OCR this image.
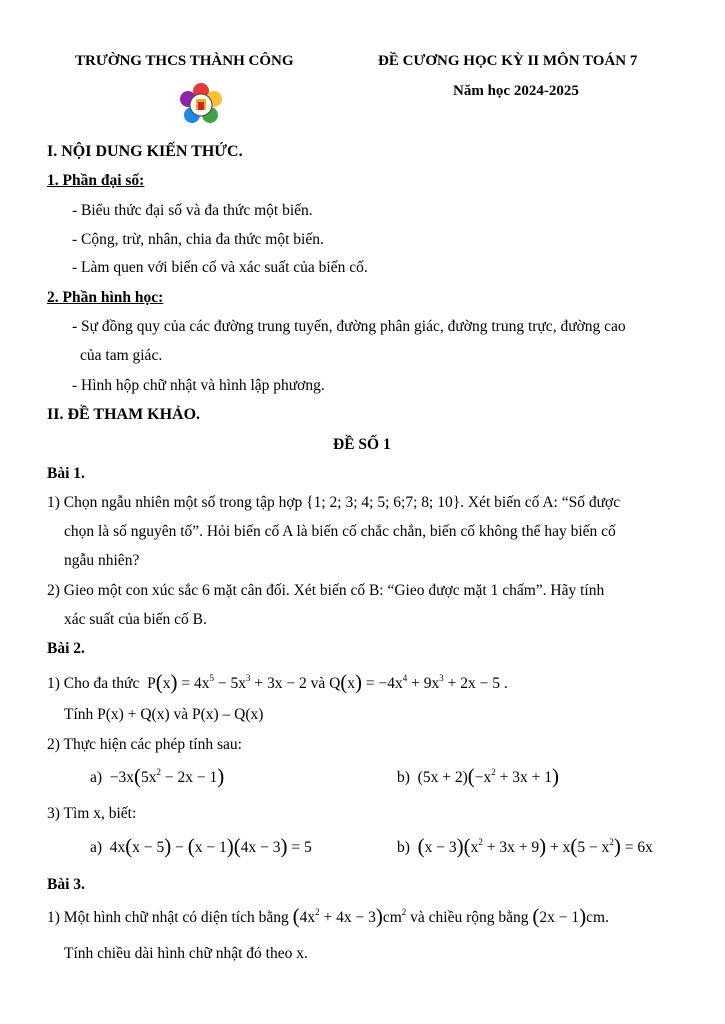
TRƯỜNG THCS THÀNH CÔNG	ĐỀ CƯƠNG HỌC KỲ II MÔN TOÁN 7
Năm học 2024-2025
I. NỘI DUNG KIẾN THỨC.
1. Phần đại số:
- Biểu thức đại số và đa thức một biến.
- Cộng, trừ, nhân, chia đa thức một biến.
- Làm quen với biến cố và xác suất của biến cố.
2. Phần hình học:
- Sự đồng quy của các đường trung tuyến, đường phân giác, đường trung trực, đường cao
của tam giác.
- Hình hộp chữ nhật và hình lập phương.
II. ĐỀ THAM KHẢO.
ĐỀ SỐ 1
Bài 1.
1) Chọn ngẫu nhiên một số trong tập hợp {1; 2; 3; 4; 5; 6;7; 8; 10}. Xét biến cố A: “Số được
chọn là số nguyên tố”. Hỏi biến cố A là biến cố chắc chắn, biến cố không thể hay biến cố
ngẫu nhiên?
2) Gieo một con xúc sắc 6 mặt cân đối. Xét biến cố B: “Gieo được mặt 1 chấm”. Hãy tính
xác suất của biến cố B.
Bài 2.
1) Cho đa thức  $P(x) = 4x^5 - 5x^3 + 3x - 2$ và $Q(x) = -4x^4 + 9x^3 + 2x - 5$ .
Tính P(x) + Q(x) và P(x) – Q(x)
2) Thực hiện các phép tính sau:
$a) -3x(5x^2 - 2x - 1)$	b)  $(5x + 2)(-x^2 + 3x + 1)$
3) Tìm x, biết:
a)  4x(x − 5) − (x − 1)(4x − 3) = 5	b) $(x - 3)(x^2 + 3x + 9) + x(5 - x^2) = 6x$
Bài 3.
1) Một hình chữ nhật có diện tích bằng $(4x^2 + 4x - 3)cm^2$ và chiều rộng bằng (2x − 1)cm.
Tính chiều dài hình chữ nhật đó theo x.
